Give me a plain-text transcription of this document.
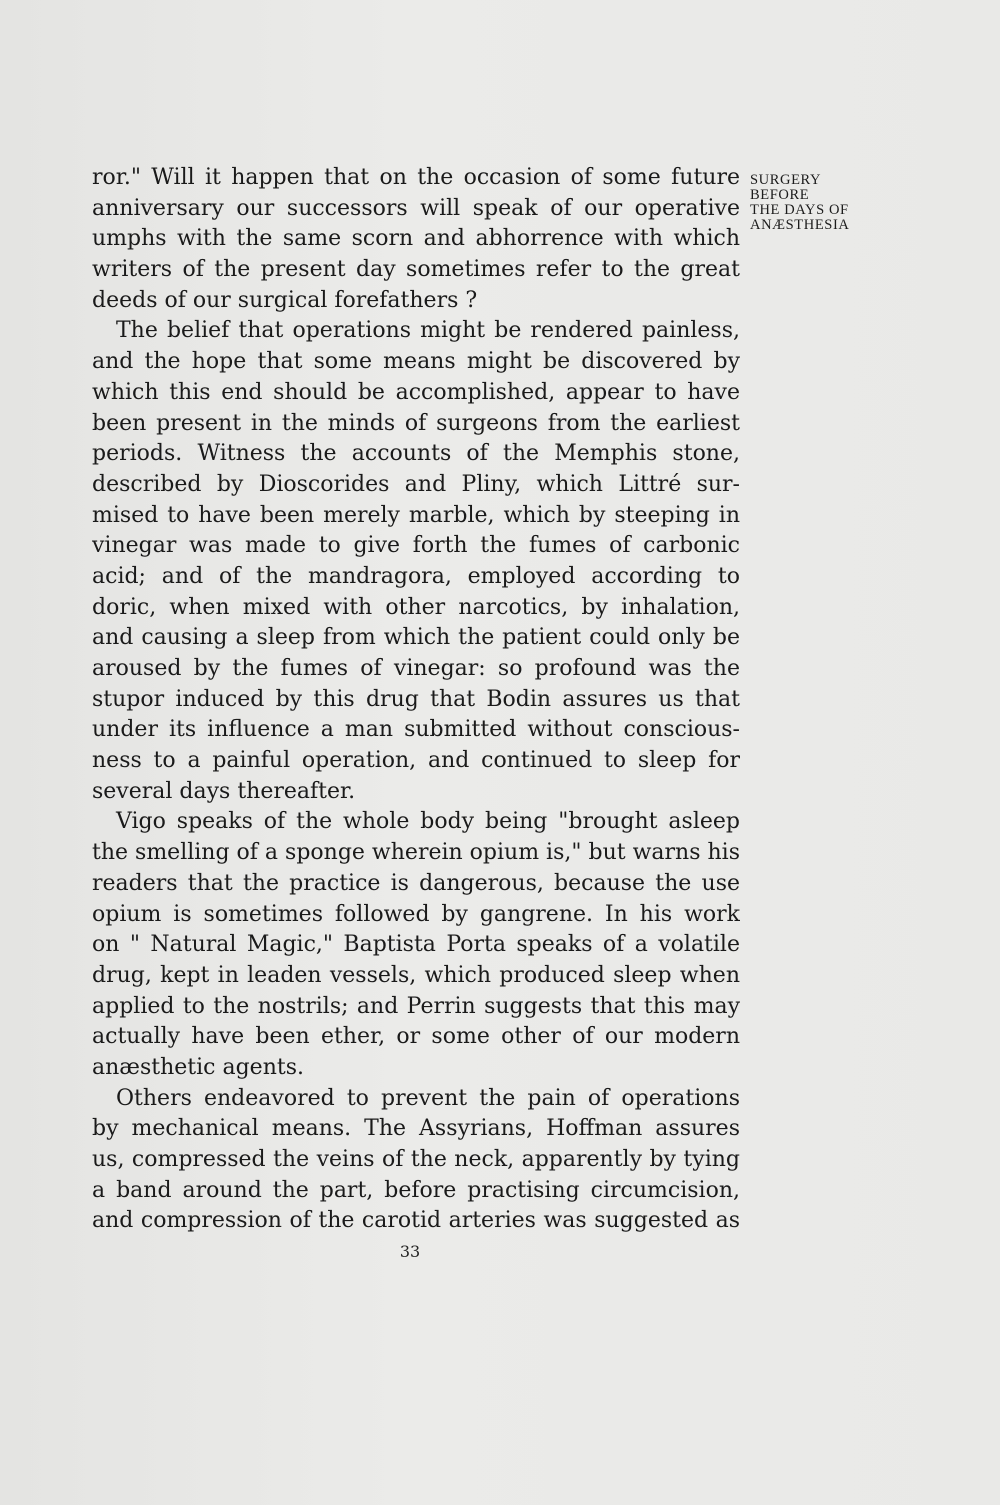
SURGERY
BEFORE
THE DAYS OF
ANÆSTHESIA
ror." Will it happen that on the occasion of some future
anniversary our successors will speak of our operative
umphs with the same scorn and abhorrence with which
writers of the present day sometimes refer to the great
deeds of our surgical forefathers ?
The belief that operations might be rendered painless,
and the hope that some means might be discovered by
which this end should be accomplished, appear to have
been present in the minds of surgeons from the earliest
periods. Witness the accounts of the Memphis stone,
described by Dioscorides and Pliny, which Littré sur-
mised to have been merely marble, which by steeping in
vinegar was made to give forth the fumes of carbonic
acid; and of the mandragora, employed according to
doric, when mixed with other narcotics, by inhalation,
and causing a sleep from which the patient could only be
aroused by the fumes of vinegar: so profound was the
stupor induced by this drug that Bodin assures us that
under its influence a man submitted without conscious-
ness to a painful operation, and continued to sleep for
several days thereafter.
Vigo speaks of the whole body being "brought asleep
the smelling of a sponge wherein opium is," but warns his
readers that the practice is dangerous, because the use
opium is sometimes followed by gangrene. In his work
on " Natural Magic," Baptista Porta speaks of a volatile
drug, kept in leaden vessels, which produced sleep when
applied to the nostrils; and Perrin suggests that this may
actually have been ether, or some other of our modern
anæsthetic agents.
Others endeavored to prevent the pain of operations
by mechanical means. The Assyrians, Hoffman assures
us, compressed the veins of the neck, apparently by tying
a band around the part, before practising circumcision,
and compression of the carotid arteries was suggested as
33
